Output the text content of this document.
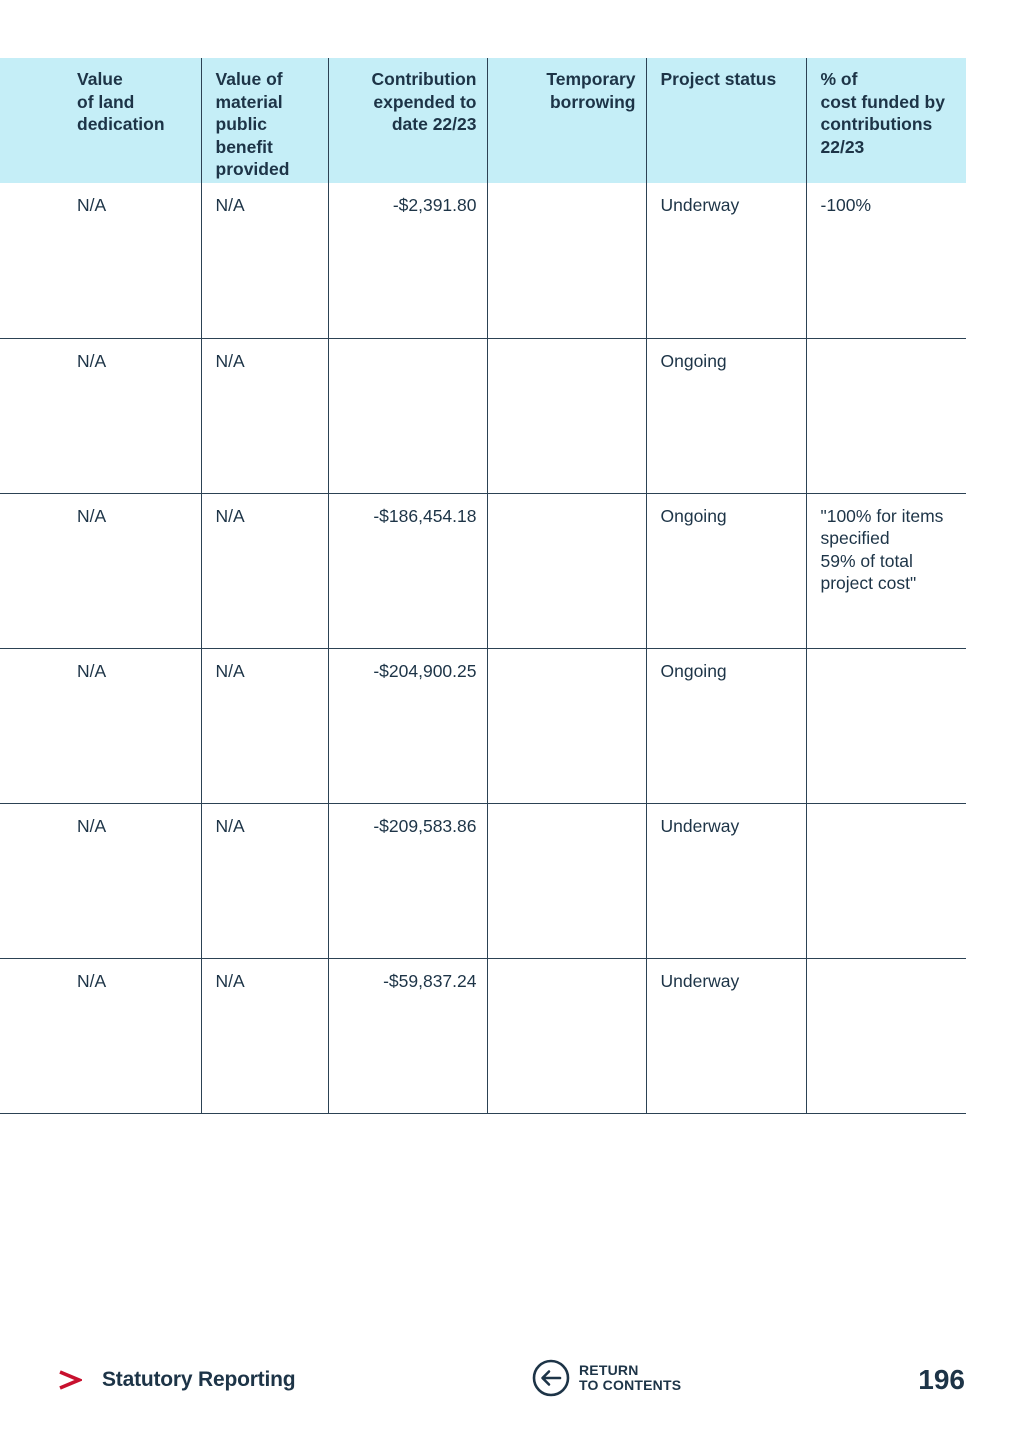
Value
of land
dedication	Value of
material
public
benefit
provided	Contribution
expended to
date 22/23	Temporary
borrowing	Project status	% of
cost funded by
contributions
22/23
N/A	N/A	-$2,391.80		Underway	-100%
N/A	N/A			Ongoing	
N/A	N/A	-$186,454.18		Ongoing	"100% for items
specified
59% of total
project cost"
N/A	N/A	-$204,900.25		Ongoing	
N/A	N/A	-$209,583.86		Underway	
N/A	N/A	-$59,837.24		Underway	
Statutory Reporting	RETURN
TO CONTENTS	196
